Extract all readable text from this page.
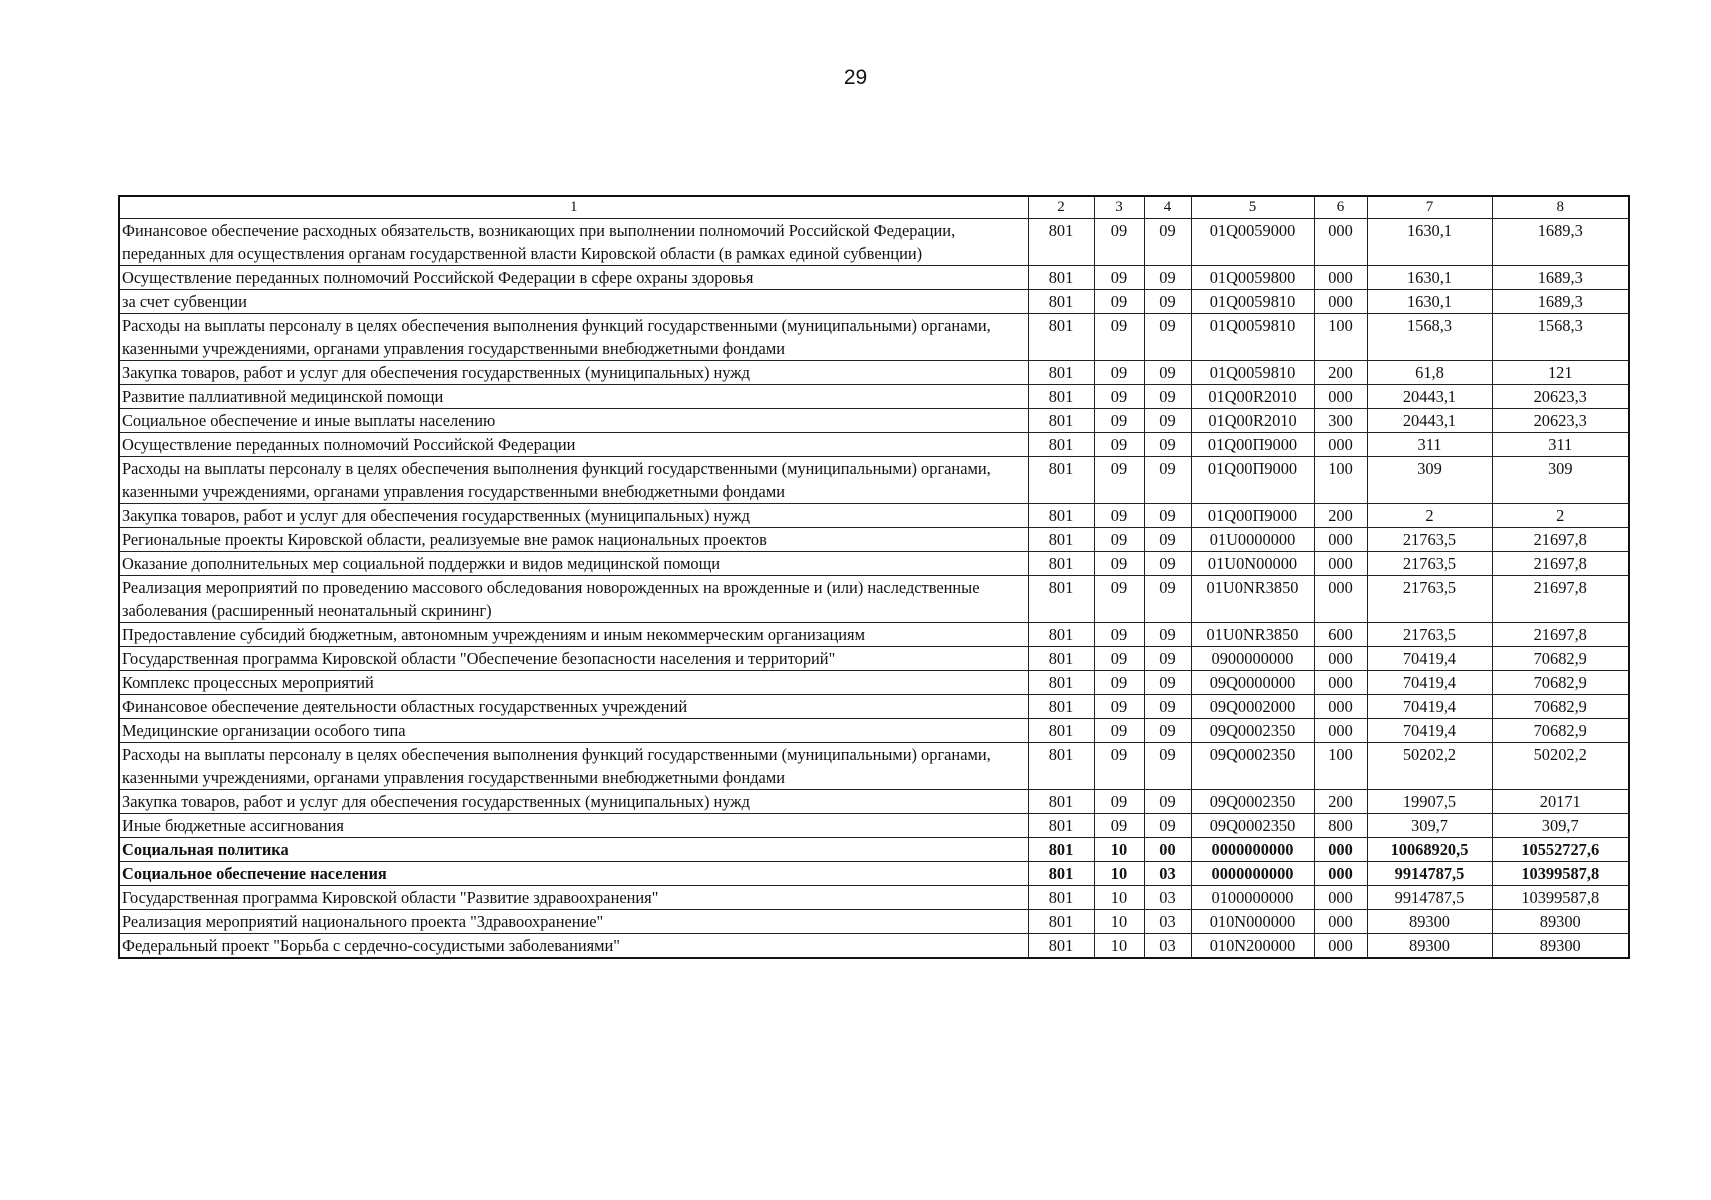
29
1	2	3	4	5	6	7	8
Финансовое обеспечение расходных обязательств, возникающих при выполнении полномочий Российской Федерации, переданных для осуществления органам государственной власти Кировской области (в рамках единой субвенции)	801	09	09	01Q0059000	000	1630,1	1689,3
Осуществление переданных полномочий Российской Федерации в сфере охраны здоровья	801	09	09	01Q0059800	000	1630,1	1689,3
за счет субвенции	801	09	09	01Q0059810	000	1630,1	1689,3
Расходы на выплаты персоналу в целях обеспечения выполнения функций государственными (муниципальными) органами, казенными учреждениями, органами управления государственными внебюджетными фондами	801	09	09	01Q0059810	100	1568,3	1568,3
Закупка товаров, работ и услуг для обеспечения государственных (муниципальных) нужд	801	09	09	01Q0059810	200	61,8	121
Развитие паллиативной медицинской помощи	801	09	09	01Q00R2010	000	20443,1	20623,3
Социальное обеспечение и иные выплаты населению	801	09	09	01Q00R2010	300	20443,1	20623,3
Осуществление переданных полномочий Российской Федерации	801	09	09	01Q00П9000	000	311	311
Расходы на выплаты персоналу в целях обеспечения выполнения функций государственными (муниципальными) органами, казенными учреждениями, органами управления государственными внебюджетными фондами	801	09	09	01Q00П9000	100	309	309
Закупка товаров, работ и услуг для обеспечения государственных (муниципальных) нужд	801	09	09	01Q00П9000	200	2	2
Региональные проекты Кировской области, реализуемые вне рамок национальных проектов	801	09	09	01U0000000	000	21763,5	21697,8
Оказание дополнительных мер социальной поддержки и видов медицинской помощи	801	09	09	01U0N00000	000	21763,5	21697,8
Реализация мероприятий по проведению массового обследования новорожденных на врожденные и (или) наследственные заболевания (расширенный неонатальный скрининг)	801	09	09	01U0NR3850	000	21763,5	21697,8
Предоставление субсидий бюджетным, автономным учреждениям и иным некоммерческим организациям	801	09	09	01U0NR3850	600	21763,5	21697,8
Государственная программа Кировской области "Обеспечение безопасности населения и территорий"	801	09	09	0900000000	000	70419,4	70682,9
Комплекс процессных мероприятий	801	09	09	09Q0000000	000	70419,4	70682,9
Финансовое обеспечение деятельности областных государственных учреждений	801	09	09	09Q0002000	000	70419,4	70682,9
Медицинские организации особого типа	801	09	09	09Q0002350	000	70419,4	70682,9
Расходы на выплаты персоналу в целях обеспечения выполнения функций государственными (муниципальными) органами, казенными учреждениями, органами управления государственными внебюджетными фондами	801	09	09	09Q0002350	100	50202,2	50202,2
Закупка товаров, работ и услуг для обеспечения государственных (муниципальных) нужд	801	09	09	09Q0002350	200	19907,5	20171
Иные бюджетные ассигнования	801	09	09	09Q0002350	800	309,7	309,7
Социальная политика	801	10	00	0000000000	000	10068920,5	10552727,6
Социальное обеспечение населения	801	10	03	0000000000	000	9914787,5	10399587,8
Государственная программа Кировской области "Развитие здравоохранения"	801	10	03	0100000000	000	9914787,5	10399587,8
Реализация мероприятий национального проекта "Здравоохранение"	801	10	03	010N000000	000	89300	89300
Федеральный проект "Борьба с сердечно-сосудистыми заболеваниями"	801	10	03	010N200000	000	89300	89300
